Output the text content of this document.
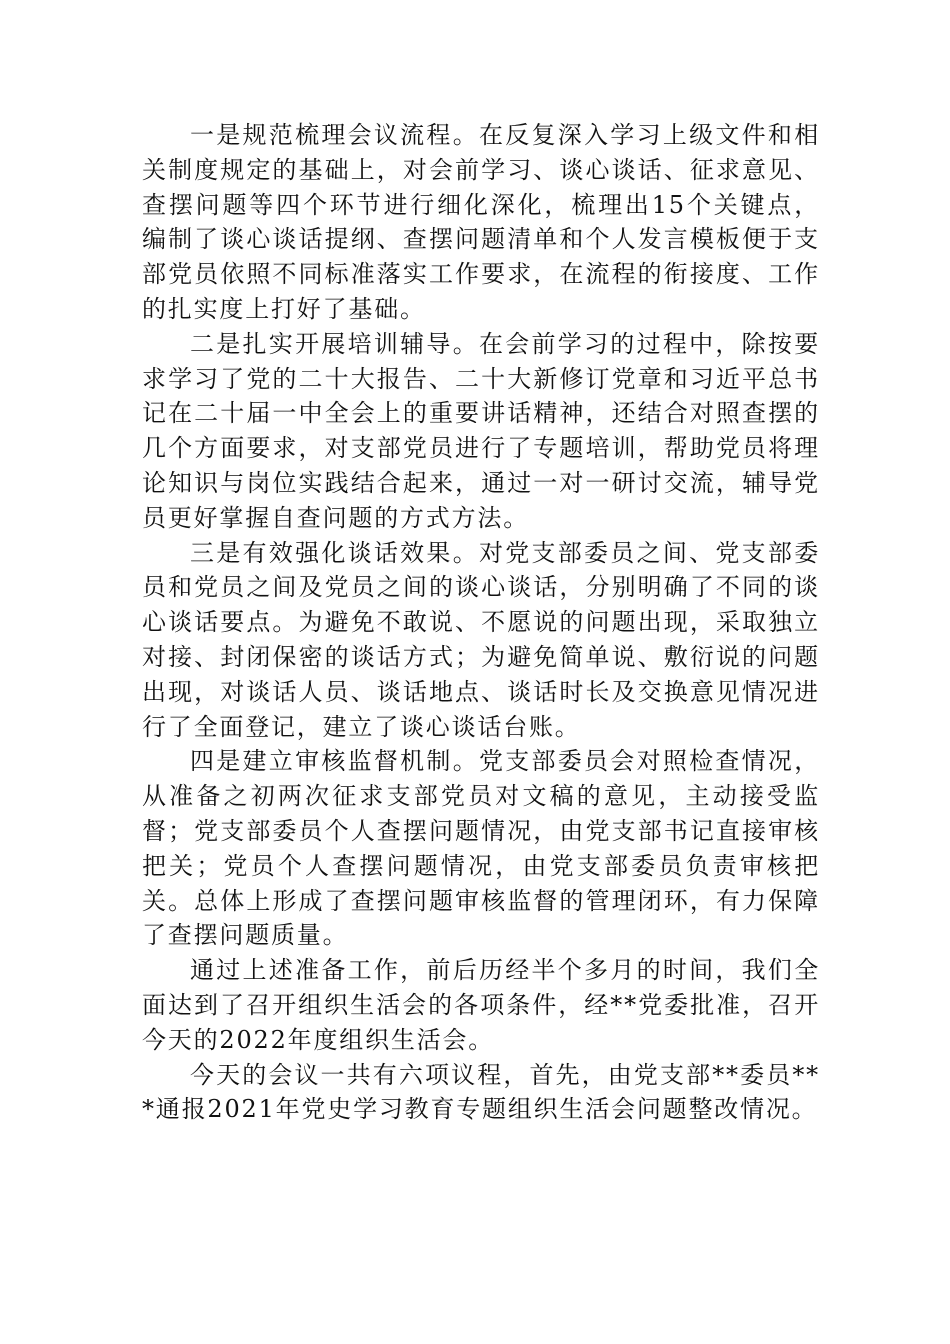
一是规范梳理会议流程。在反复深入学习上级文件和相关制度规定的基础上，对会前学习、谈心谈话、征求意见、查摆问题等四个环节进行细化深化，梳理出15个关键点，编制了谈心谈话提纲、查摆问题清单和个人发言模板便于支部党员依照不同标准落实工作要求，在流程的衔接度、工作的扎实度上打好了基础。

二是扎实开展培训辅导。在会前学习的过程中，除按要求学习了党的二十大报告、二十大新修订党章和习近平总书记在二十届一中全会上的重要讲话精神，还结合对照查摆的几个方面要求，对支部党员进行了专题培训，帮助党员将理论知识与岗位实践结合起来，通过一对一研讨交流，辅导党员更好掌握自查问题的方式方法。

三是有效强化谈话效果。对党支部委员之间、党支部委员和党员之间及党员之间的谈心谈话，分别明确了不同的谈心谈话要点。为避免不敢说、不愿说的问题出现，采取独立对接、封闭保密的谈话方式；为避免简单说、敷衍说的问题出现，对谈话人员、谈话地点、谈话时长及交换意见情况进行了全面登记，建立了谈心谈话台账。

四是建立审核监督机制。党支部委员会对照检查情况，从准备之初两次征求支部党员对文稿的意见，主动接受监督；党支部委员个人查摆问题情况，由党支部书记直接审核把关；党员个人查摆问题情况，由党支部委员负责审核把关。总体上形成了查摆问题审核监督的管理闭环，有力保障了查摆问题质量。

通过上述准备工作，前后历经半个多月的时间，我们全面达到了召开组织生活会的各项条件，经**党委批准，召开今天的2022年度组织生活会。

今天的会议一共有六项议程，首先，由党支部**委员***通报2021年党史学习教育专题组织生活会问题整改情况。
